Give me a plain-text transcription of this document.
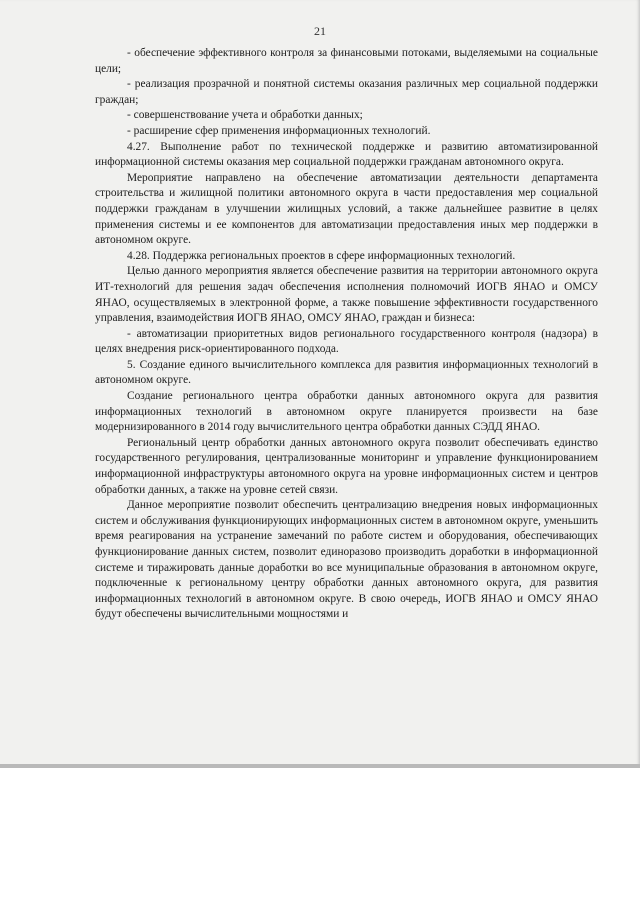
21

- обеспечение эффективного контроля за финансовыми потоками, выделяемыми на социальные цели;

- реализация прозрачной и понятной системы оказания различных мер социальной поддержки граждан;

- совершенствование учета и обработки данных;

- расширение сфер применения информационных технологий.

4.27. Выполнение работ по технической поддержке и развитию автоматизированной информационной системы оказания мер социальной поддержки гражданам автономного округа.

Мероприятие направлено на обеспечение автоматизации деятельности департамента строительства и жилищной политики автономного округа в части предоставления мер социальной поддержки гражданам в улучшении жилищных условий, а также дальнейшее развитие в целях применения системы и ее компонентов для автоматизации предоставления иных мер поддержки в автономном округе.

4.28. Поддержка региональных проектов в сфере информационных технологий.

Целью данного мероприятия является обеспечение развития на территории автономного округа ИТ-технологий для решения задач обеспечения исполнения полномочий ИОГВ ЯНАО и ОМСУ ЯНАО, осуществляемых в электронной форме, а также повышение эффективности государственного управления, взаимодействия ИОГВ ЯНАО, ОМСУ ЯНАО, граждан и бизнеса:

- автоматизации приоритетных видов регионального государственного контроля (надзора) в целях внедрения риск-ориентированного подхода.

5. Создание единого вычислительного комплекса для развития информационных технологий в автономном округе.

Создание регионального центра обработки данных автономного округа для развития информационных технологий в автономном округе планируется произвести на базе модернизированного в 2014 году вычислительного центра обработки данных СЭДД ЯНАО.

Региональный центр обработки данных автономного округа позволит обеспечивать единство государственного регулирования, централизованные мониторинг и управление функционированием информационной инфраструктуры автономного округа на уровне информационных систем и центров обработки данных, а также на уровне сетей связи.

Данное мероприятие позволит обеспечить централизацию внедрения новых информационных систем и обслуживания функционирующих информационных систем в автономном округе, уменьшить время реагирования на устранение замечаний по работе систем и оборудования, обеспечивающих функционирование данных систем, позволит единоразово производить доработки в информационной системе и тиражировать данные доработки во все муниципальные образования в автономном округе, подключенные к региональному центру обработки данных автономного округа, для развития информационных технологий в автономном округе. В свою очередь, ИОГВ ЯНАО и ОМСУ ЯНАО будут обеспечены вычислительными мощностями и
